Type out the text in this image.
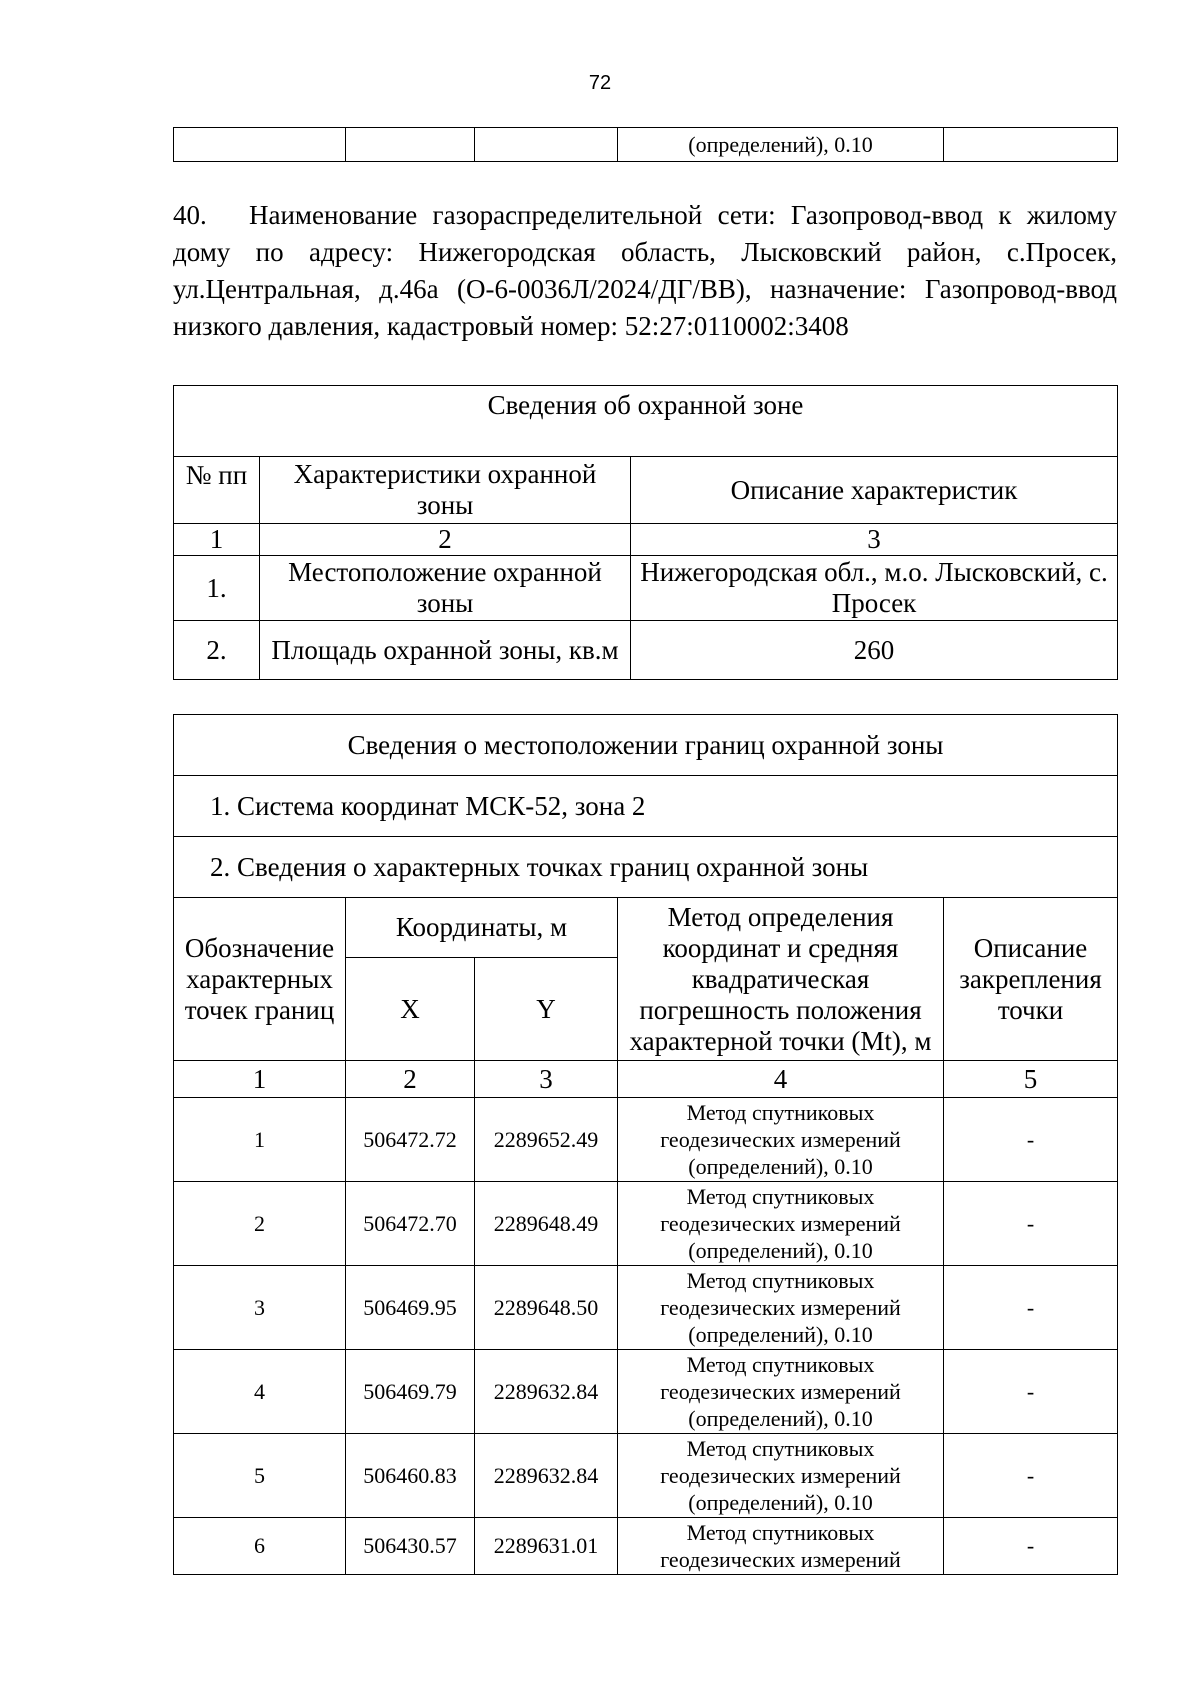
72
			(определений), 0.10	

40. Наименование газораспределительной сети: Газопровод-ввод к жилому дому по адресу: Нижегородская область, Лысковский район, с.Просек, ул.Центральная, д.46а (О-6-0036Л/2024/ДГ/ВВ), назначение: Газопровод-ввод низкого давления, кадастровый номер: 52:27:0110002:3408

Сведения об охранной зоне		
№ пп	Характеристики охранной зоны	Описание характеристик
1	2	3
1.	Местоположение охранной зоны	Нижегородская обл., м.о. Лысковский, с. Просек
2.	Площадь охранной зоны, кв.м	260
Сведения о местоположении границ охранной зоны				
1. Система координат МСК-52, зона 2				
2. Сведения о характерных точках границ охранной зоны				
Обозначение характерных точек границ	Координаты, м		Метод определения координат и средняя квадратическая погрешность положения характерной точки (Mt), м	Описание закрепления точки
	X	Y		
1	2	3	4	5
1	506472.72	2289652.49	Метод спутниковых геодезических измерений (определений), 0.10	-
2	506472.70	2289648.49	Метод спутниковых геодезических измерений (определений), 0.10	-
3	506469.95	2289648.50	Метод спутниковых геодезических измерений (определений), 0.10	-
4	506469.79	2289632.84	Метод спутниковых геодезических измерений (определений), 0.10	-
5	506460.83	2289632.84	Метод спутниковых геодезических измерений (определений), 0.10	-
6	506430.57	2289631.01	Метод спутниковых геодезических измерений	-
